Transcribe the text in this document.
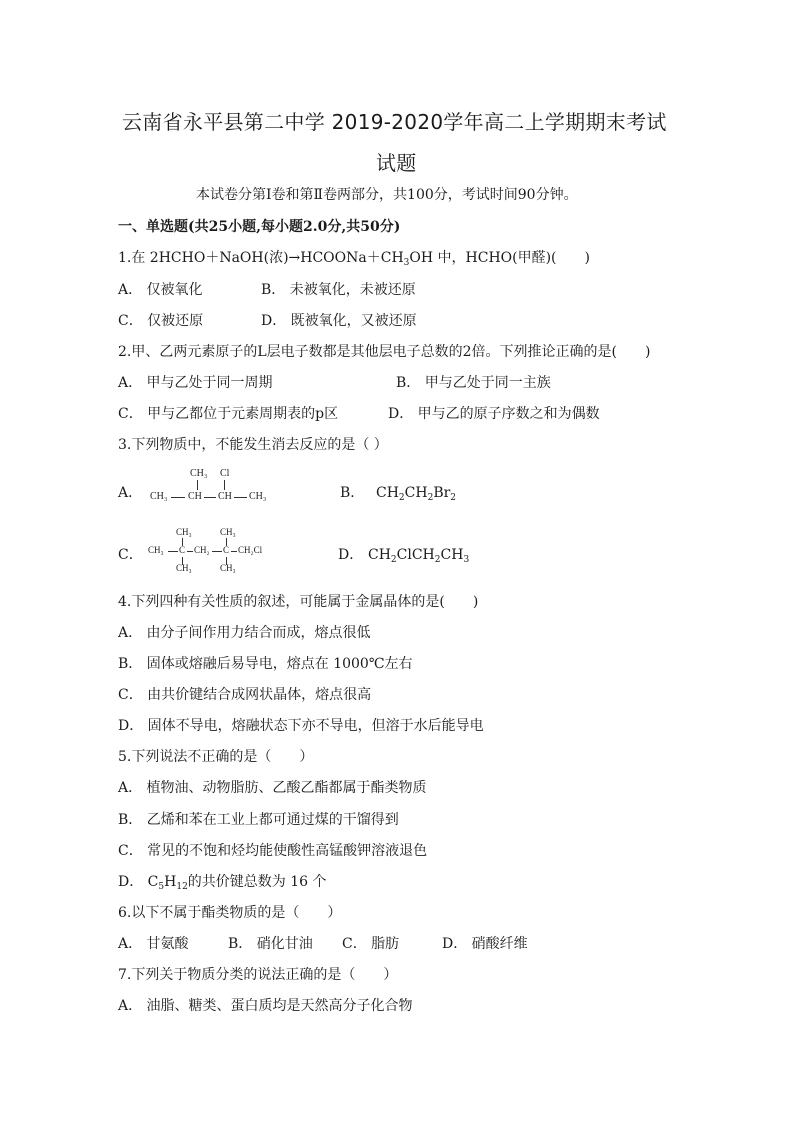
云南省永平县第二中学 2019-2020学年高二上学期期末考试
试题
本试卷分第Ⅰ卷和第Ⅱ卷两部分，共100分，考试时间90分钟。
一、单选题(共25小题,每小题2.0分,共50分)
1.在 2HCHO＋NaOH(浓)$\to HCOONa+CH_3OH$ 中，HCHO(甲醛)(　　)
A． 仅被氧化	B． 未被氧化，未被还原
C． 仅被还原	D． 既被氧化，又被还原
2.甲、乙两元素原子的L层电子数都是其他层电子总数的2倍。下列推论正确的是(　　)
A． 甲与乙处于同一周期	B． 甲与乙处于同一主族
C． 甲与乙都位于元素周期表的p区	D． 甲与乙的原子序数之和为偶数
3.下列物质中，不能发生消去反应的是（ ）
A．
CH₃ Cl
CH₃ CH CH CH₃	B． $CH_2CH_2Br_2$
C．
CH₃	CH₃
CH₃ C CH₂ C CH₂Cl
CH₃	CH₃
D． $CH_2ClCH_2CH_3$
4.下列四种有关性质的叙述，可能属于金属晶体的是(　　)
A． 由分子间作用力结合而成，熔点很低
B． 固体或熔融后易导电，熔点在 1000℃左右
C． 由共价键结合成网状晶体，熔点很高
D． 固体不导电，熔融状态下亦不导电，但溶于水后能导电
5.下列说法不正确的是（　　）
A． 植物油、动物脂肪、乙酸乙酯都属于酯类物质
B． 乙烯和苯在工业上都可通过煤的干馏得到
C． 常见的不饱和烃均能使酸性高锰酸钾溶液退色
D． $C_5H_{12}$的共价键总数为 16 个
6.以下不属于酯类物质的是（　　）
A． 甘氨酸	B． 硝化甘油 C． 脂肪	D． 硝酸纤维
7.下列关于物质分类的说法正确的是（　　）
A． 油脂、糖类、蛋白质均是天然高分子化合物
